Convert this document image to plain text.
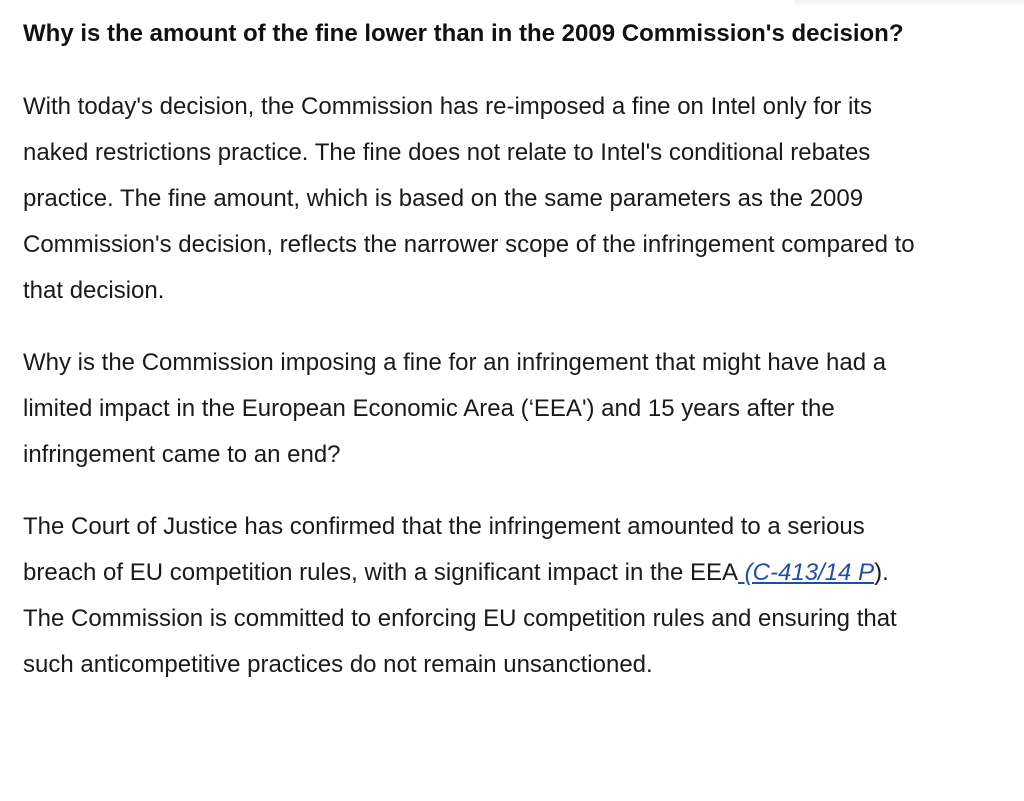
Why is the amount of the fine lower than in the 2009 Commission's decision?

With today's decision, the Commission has re-imposed a fine on Intel only for its naked restrictions practice. The fine does not relate to Intel's conditional rebates practice. The fine amount, which is based on the same parameters as the 2009 Commission's decision, reflects the narrower scope of the infringement compared to that decision.

Why is the Commission imposing a fine for an infringement that might have had a limited impact in the European Economic Area (‘EEA') and 15 years after the infringement came to an end?

The Court of Justice has confirmed that the infringement amounted to a serious breach of EU competition rules, with a significant impact in the EEA (C-413/14 P). The Commission is committed to enforcing EU competition rules and ensuring that such anticompetitive practices do not remain unsanctioned.
